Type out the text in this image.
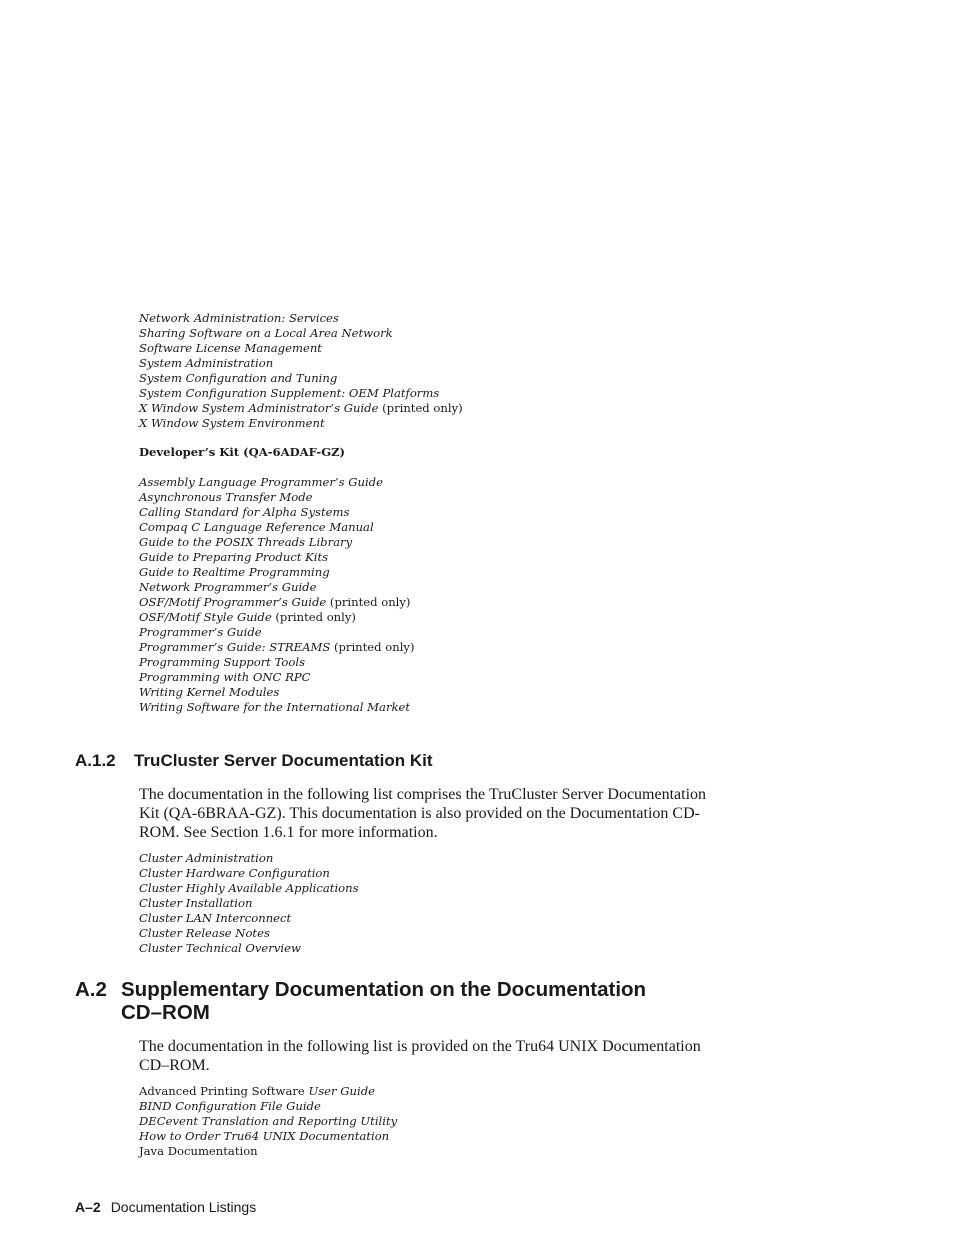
Network Administration: Services
Sharing Software on a Local Area Network
Software License Management
System Administration
System Configuration and Tuning
System Configuration Supplement: OEM Platforms
X Window System Administrator’s Guide (printed only)
X Window System Environment
Developer’s Kit (QA-6ADAF-GZ)
Assembly Language Programmer’s Guide
Asynchronous Transfer Mode
Calling Standard for Alpha Systems
Compaq C Language Reference Manual
Guide to the POSIX Threads Library
Guide to Preparing Product Kits
Guide to Realtime Programming
Network Programmer’s Guide
OSF/Motif Programmer’s Guide (printed only)
OSF/Motif Style Guide (printed only)
Programmer’s Guide
Programmer’s Guide: STREAMS (printed only)
Programming Support Tools
Programming with ONC RPC
Writing Kernel Modules
Writing Software for the International Market
A.1.2 TruCluster Server Documentation Kit
The documentation in the following list comprises the TruCluster Server Documentation Kit (QA-6BRAA-GZ). This documentation is also provided on the Documentation CD-ROM. See Section 1.6.1 for more information.
Cluster Administration
Cluster Hardware Configuration
Cluster Highly Available Applications
Cluster Installation
Cluster LAN Interconnect
Cluster Release Notes
Cluster Technical Overview
A.2 Supplementary Documentation on the Documentation
CD–ROM
The documentation in the following list is provided on the Tru64 UNIX Documentation CD–ROM.
Advanced Printing Software User Guide
BIND Configuration File Guide
DECevent Translation and Reporting Utility
How to Order Tru64 UNIX Documentation
Java Documentation
A–2 Documentation Listings
